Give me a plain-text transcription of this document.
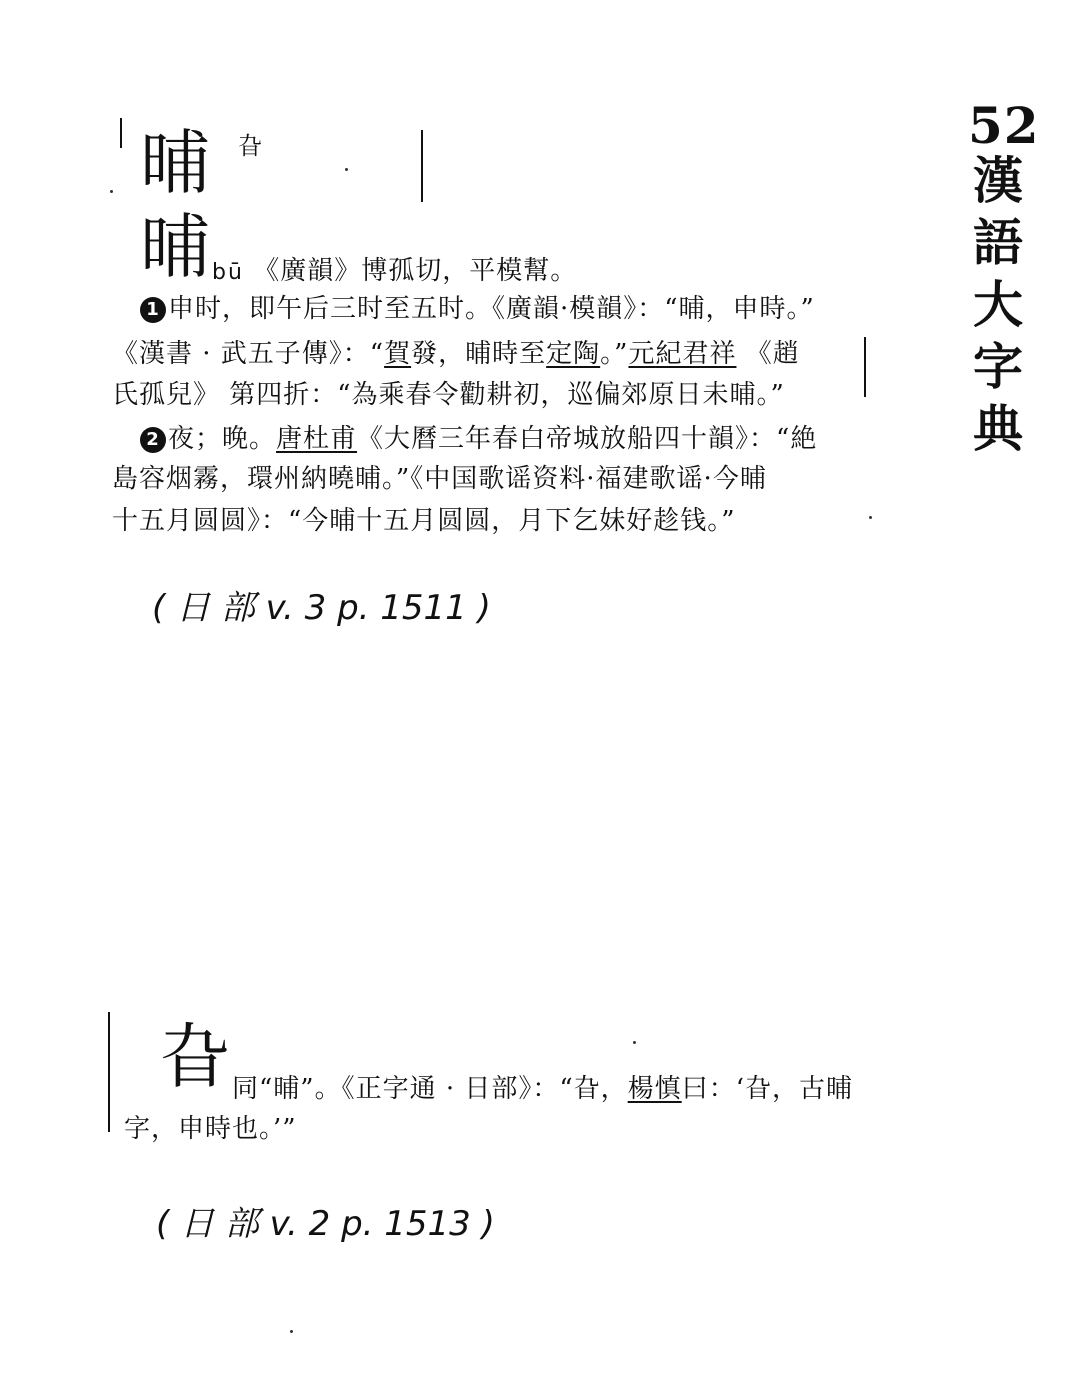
52
漢
語
大
字
典
晡 旮
晡 bū 《廣韻》博孤切，平模幫。
1 申时，即午后三时至五时。《廣韻·模韻》：“晡，申時。”
《漢書 · 武五子傳》：“賀發，晡時至定陶。”元紀君祥 《趙
氏孤兒》 第四折：“為乘春令勸耕初，巡偏郊原日未晡。”
2 夜；晚。唐杜甫《大曆三年春白帝城放船四十韻》：“絶
島容烟霧，環州納曉晡。”《中国歌谣资料·福建歌谣·今晡
十五月圆圆》：“今晡十五月圆圆，月下乞妹好趁钱。”
( 日 部 v. 3 p. 1511 )
旮 同“晡”。《正字通 · 日部》：“旮，楊慎曰：‘旮，古晡
字，申時也。’”
( 日 部 v. 2 p. 1513 )
